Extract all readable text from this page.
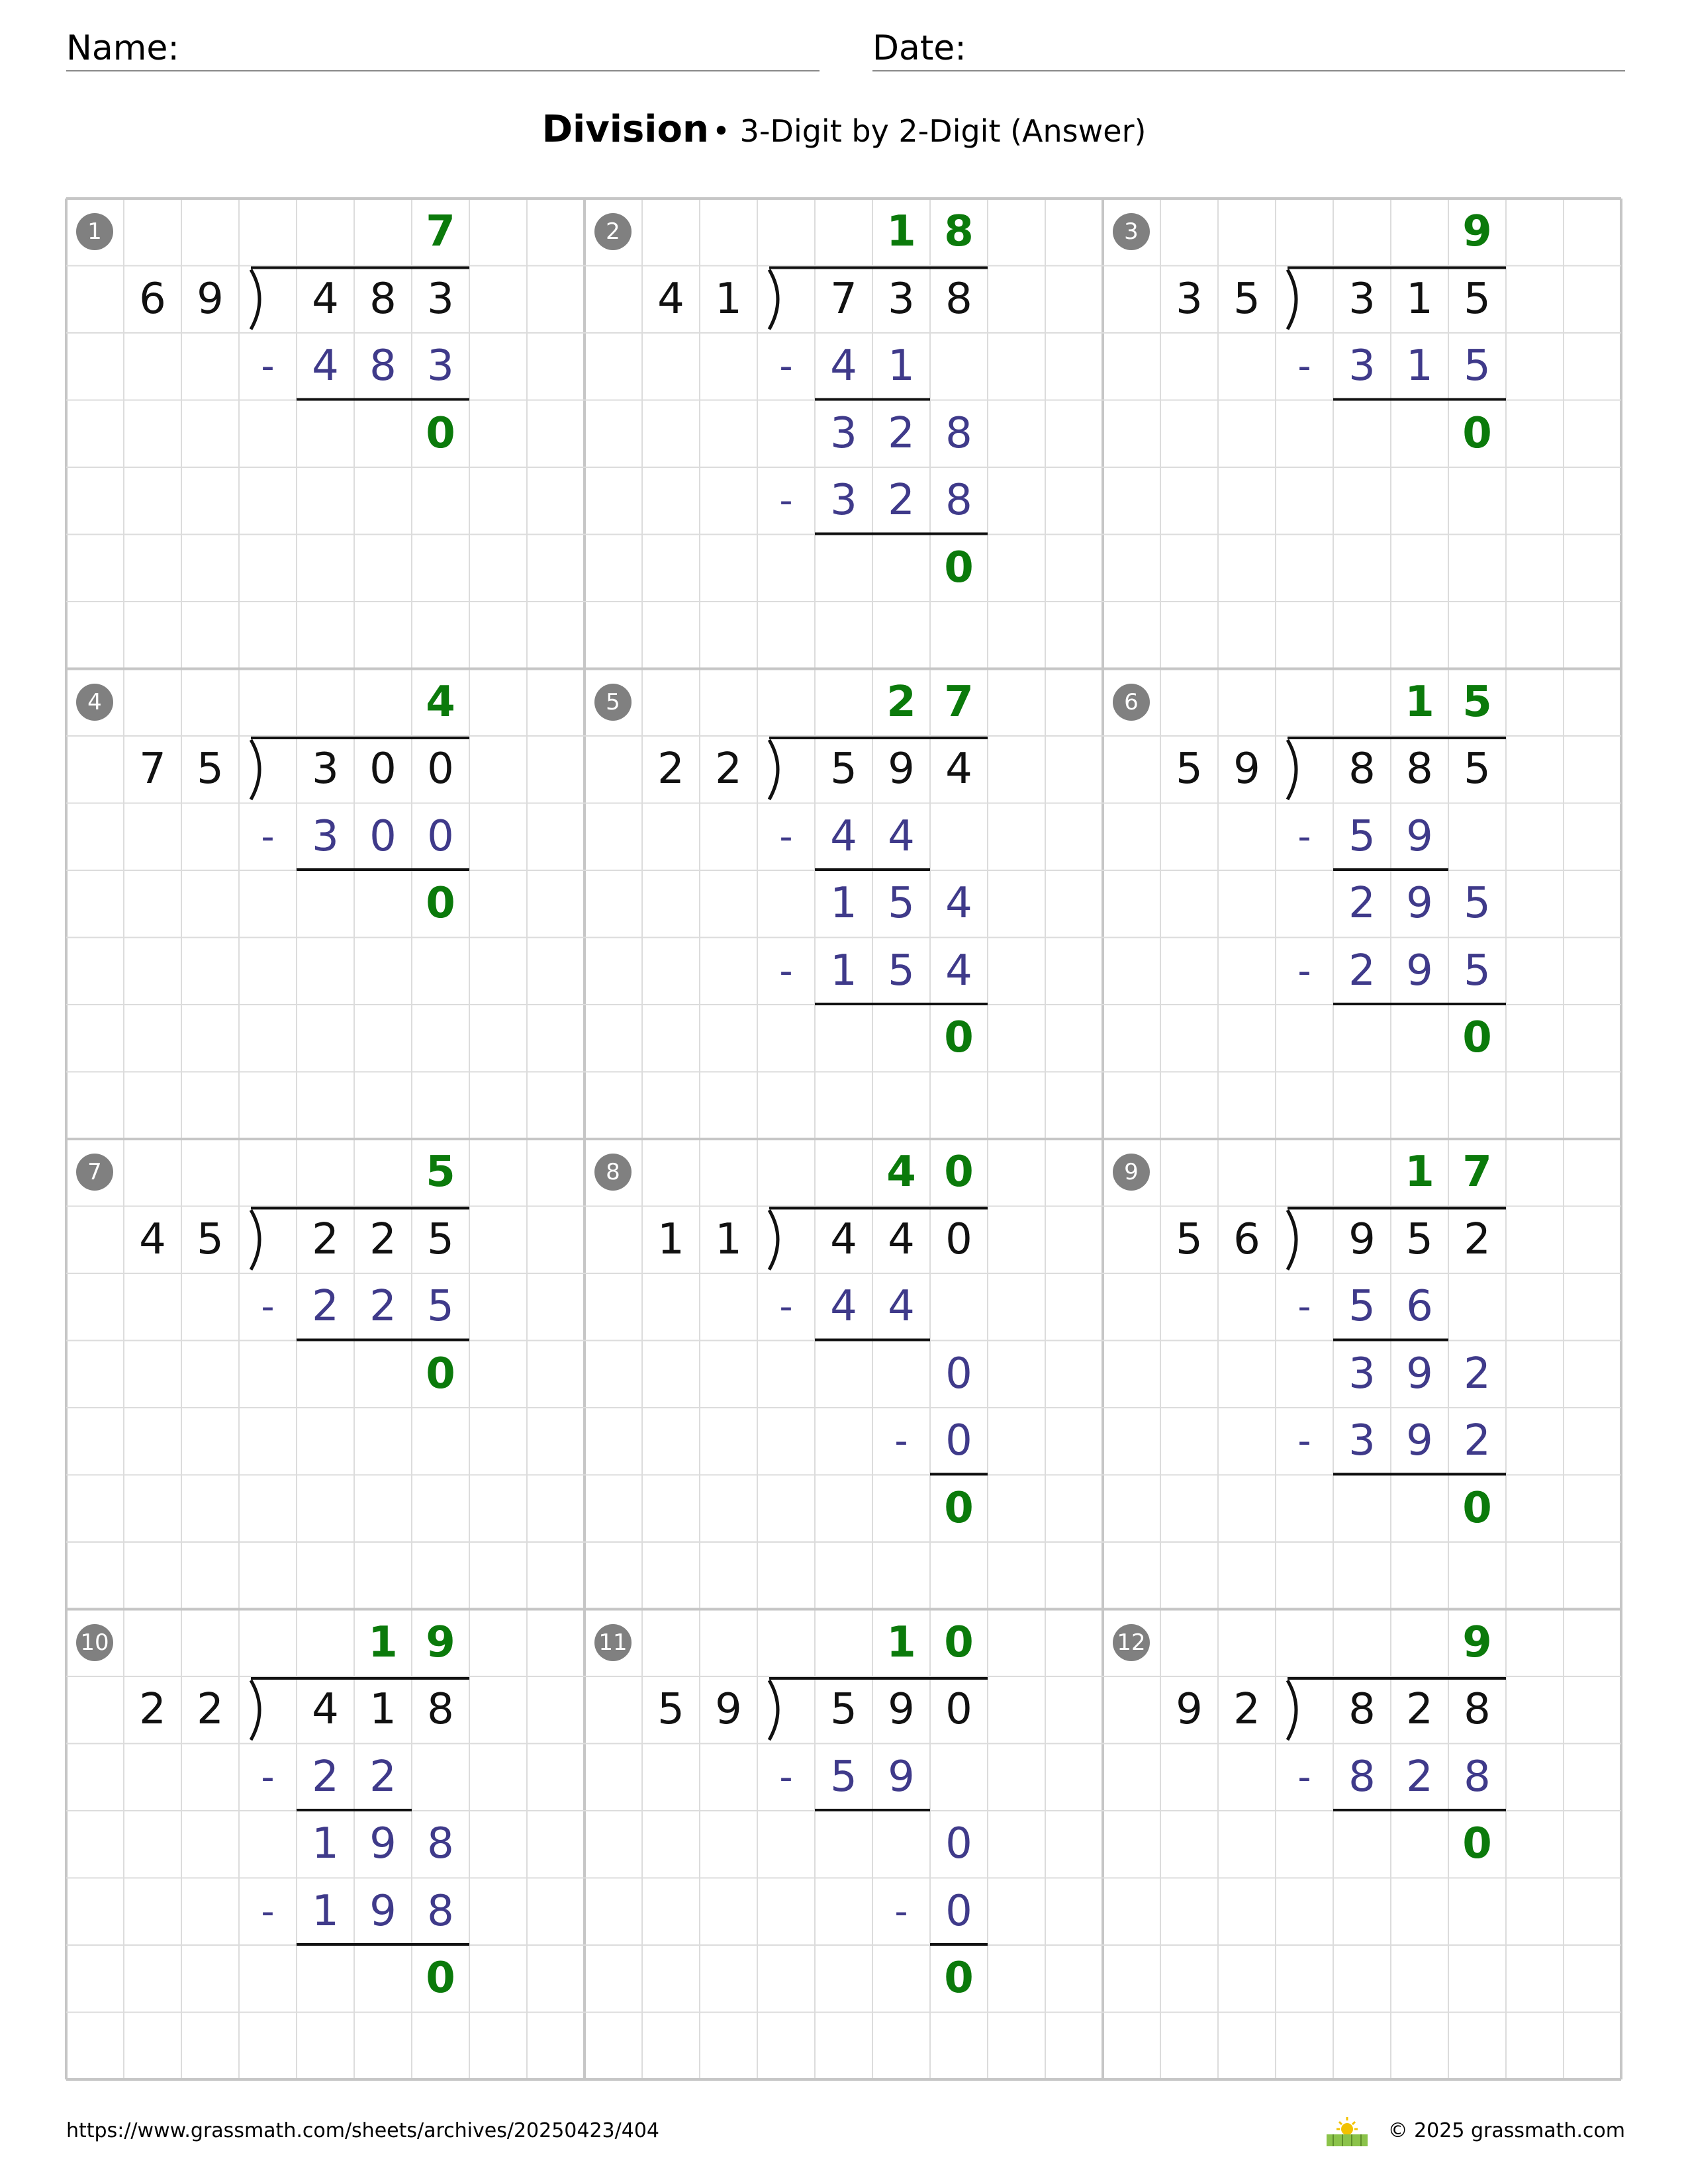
Name:	Date:
Division • 3-Digit by 2-Digit (Answer)
1
6 9	4 8 3
7
- 4 8 3
0
2
4 1	7 3 8
1 8
- 4 1
3 2 8
- 3 2 8
0
3
3 5	3 1 5
9
- 3 1 5
0
4
7 5	3 0 0
4
- 3 0 0
0
5
2 2	5 9 4
2 7
- 4 4
1 5 4
- 1 5 4
0
6
5 9	8 8 5
1 5
- 5 9
2 9 5
- 2 9 5
0
7
4 5	2 2 5
5
- 2 2 5
0
8
1 1	4 4 0
4 0
- 4 4
0
- 0
0
9
5 6	9 5 2
1 7
- 5 6
3 9 2
- 3 9 2
0
10
2 2	4 1 8
1 9
- 2 2
1 9 8
- 1 9 8
0
11
5 9	5 9 0
1 0
- 5 9
0
- 0
0
12
9 2	8 2 8
9
- 8 2 8
0
https://www.grassmath.com/sheets/archives/20250423/404	© 2025 grassmath.com
